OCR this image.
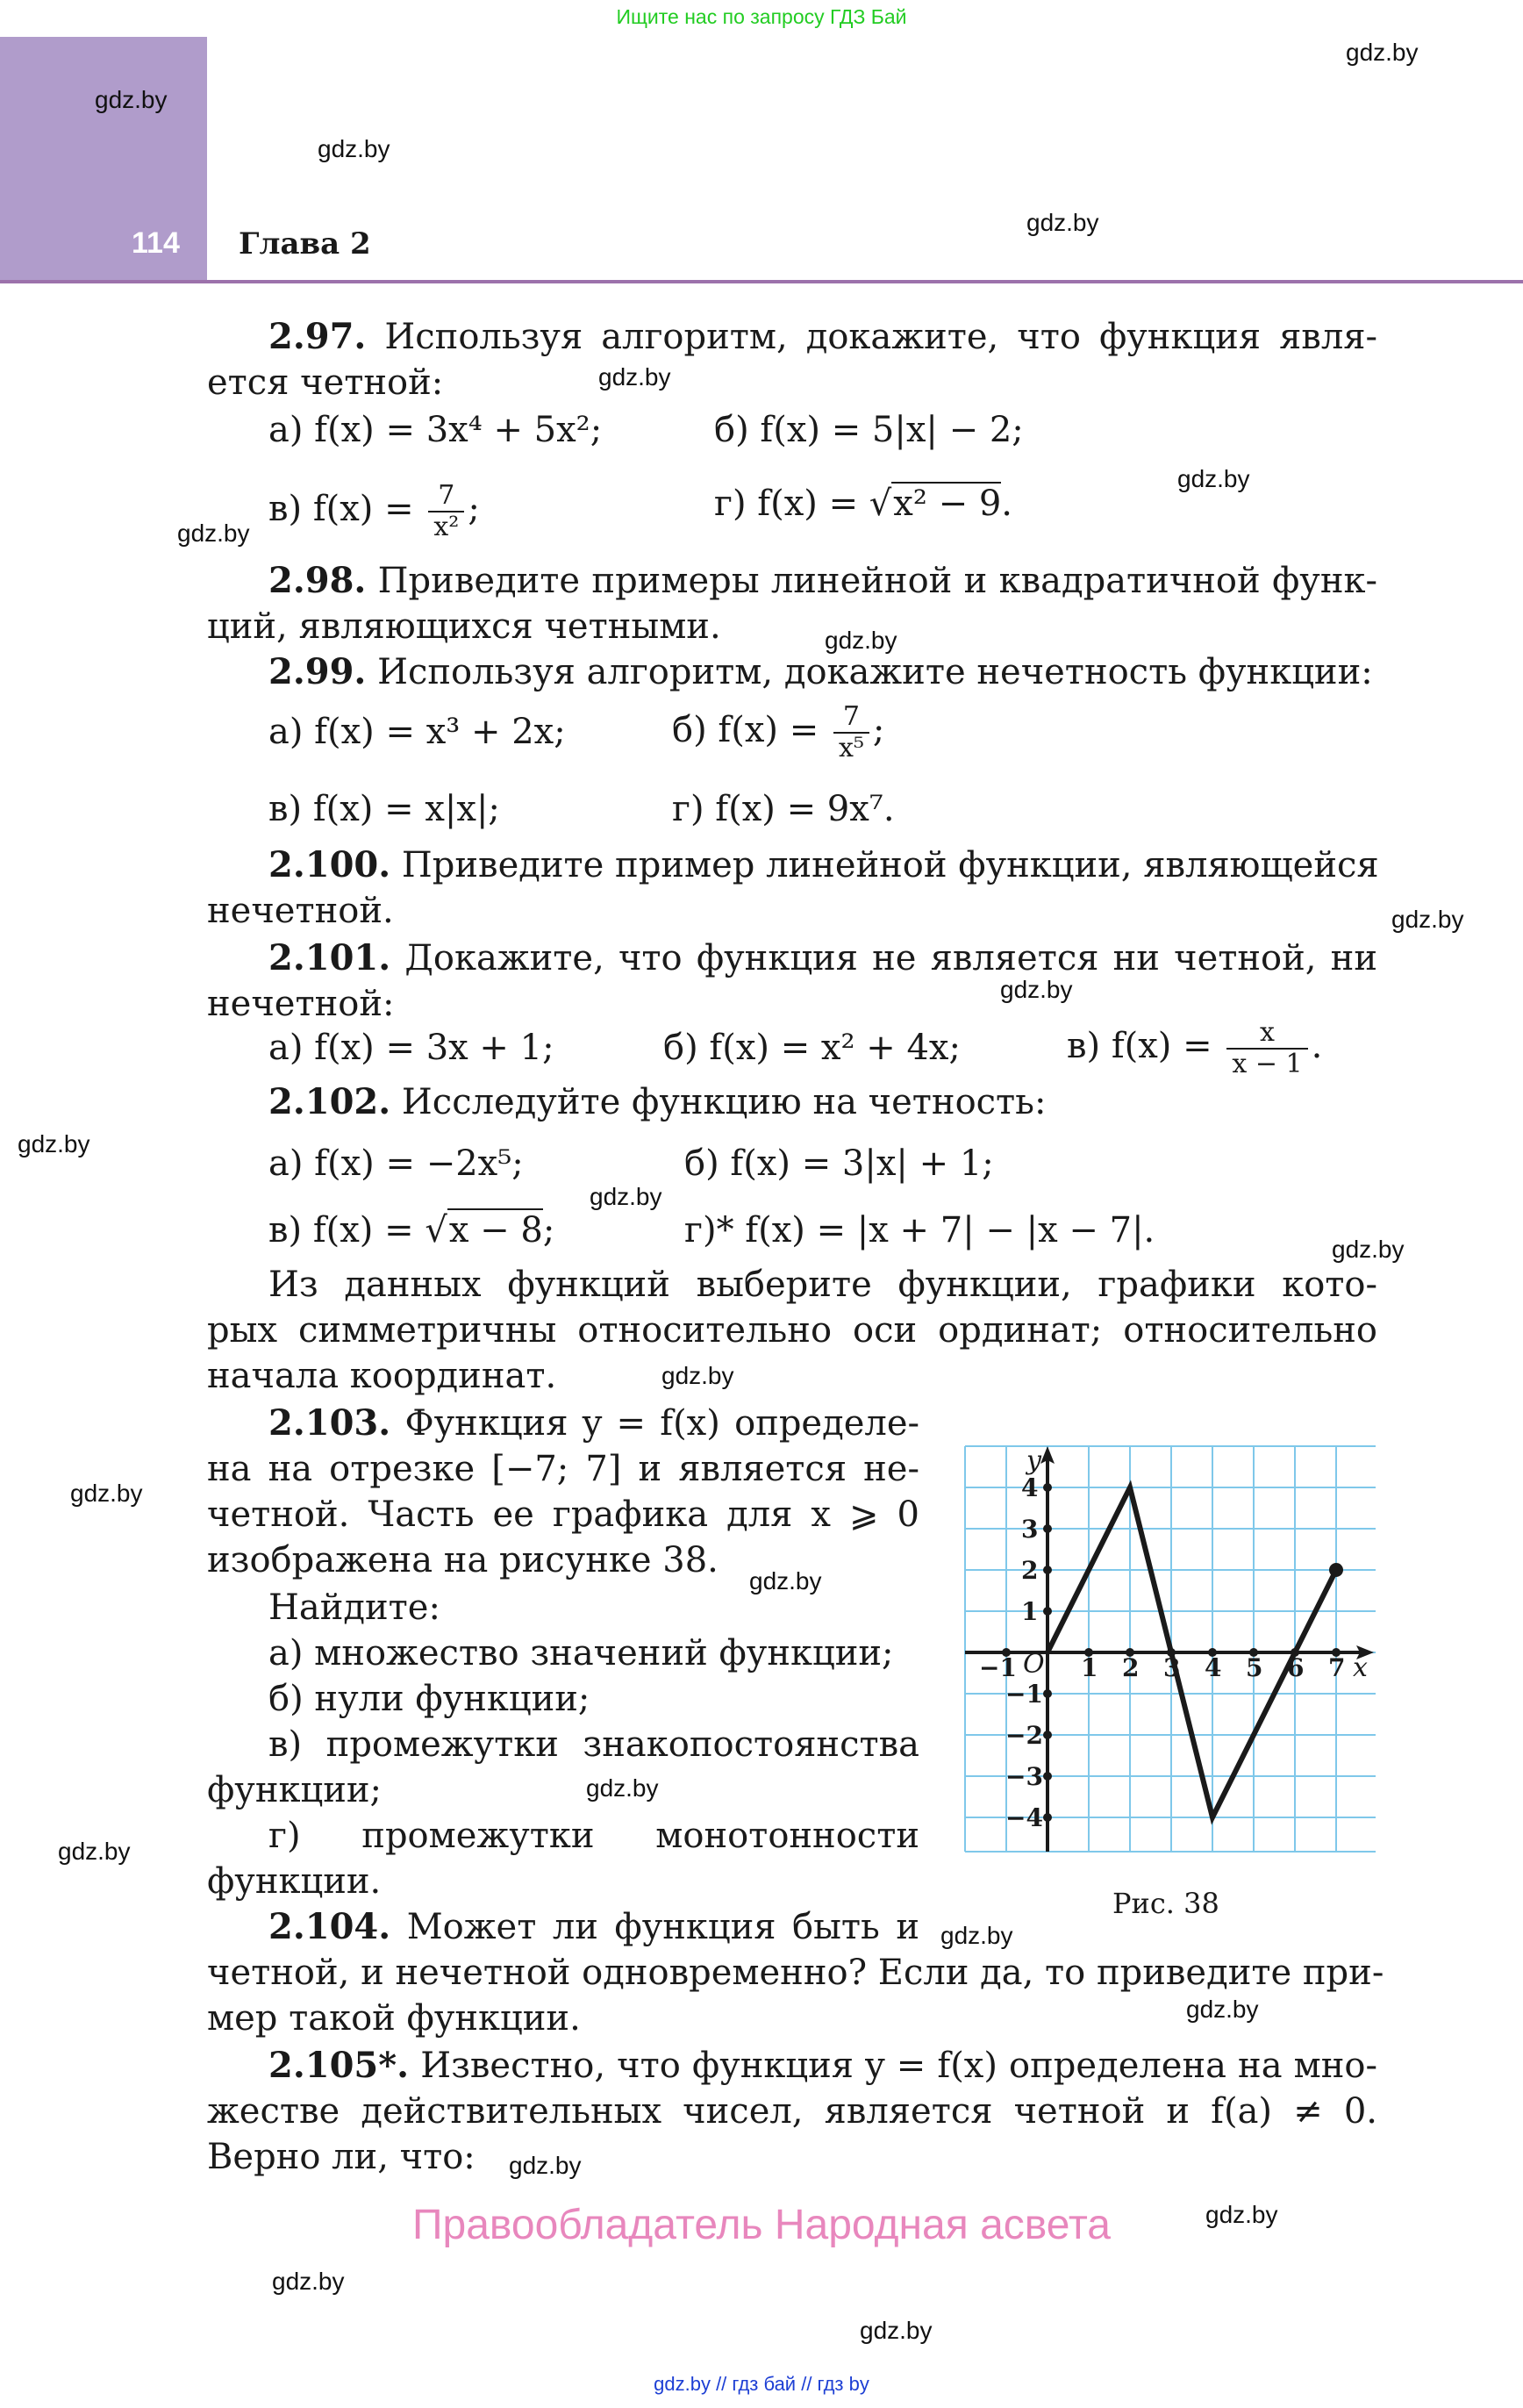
Ищите нас по запросу ГДЗ Бай
114 Глава 2
gdz.by
gdz.by
gdz.by
gdz.by
gdz.by
gdz.by
gdz.by
gdz.by
gdz.by
gdz.by
gdz.by
gdz.by
gdz.by
gdz.by
gdz.by
gdz.by
gdz.by
gdz.by
gdz.by
gdz.by
gdz.by
gdz.by
gdz.by
gdz.by
2.97. Используя алгоритм, докажите, что функция явля-
ется четной:
а) f(x) = 3x⁴ + 5x²;	б) f(x) = 5|x| − 2;
в) $f(x) = \frac{7}{\text{x²}}$ ;	г) f(x) = √x² − 9.
2.98. Приведите примеры линейной и квадратичной функ-
ций, являющихся четными.
2.99. Используя алгоритм, докажите нечетность функции:
а) f(x) = x³ + 2x;	б) $f(x) = \frac{7}{\text{x⁵}}$ ;
в) f(x) = x|x|;	г) f(x) = 9x⁷.
2.100. Приведите пример линейной функции, являющейся
нечетной.
2.101. Докажите, что функция не является ни четной, ни
нечетной:
а) f(x) = 3x + 1;	б) f(x) = x² + 4x;	в) $f(x) = \frac{x}{x - 1}$ .
2.102. Исследуйте функцию на четность:
а) f(x) = −2x⁵;	б) f(x) = 3|x| + 1;
в) f(x) = √x − 8;	г)* f(x) = |x + 7| − |x − 7|.
Из данных функций выберите функции, графики кото-
рых симметричны относительно оси ординат; относительно
начала координат.
2.103. Функция y = f(x) определе-
на на отрезке [−7; 7] и является не-
четной. Часть ее графика для x ⩾ 0
изображена на рисунке 38.
Найдите:
а) множество значений функции;
б) нули функции;
в) промежутки знакопостоянства
функции;
г) промежутки монотонности
функции.
−1	1 2 3 4 5 6 7
4
3
2
1
−1
−2
−3
−4
y
x
O
Рис. 38
2.104. Может ли функция быть и
четной, и нечетной одновременно? Если да, то приведите при-
мер такой функции.
2.105*. Известно, что функция y = f(x) определена на мно-
жестве действительных чисел, является четной и f(a) ≠ 0.
Верно ли, что:
Правообладатель Народная асвета
gdz.by // гдз бай // гдз by
